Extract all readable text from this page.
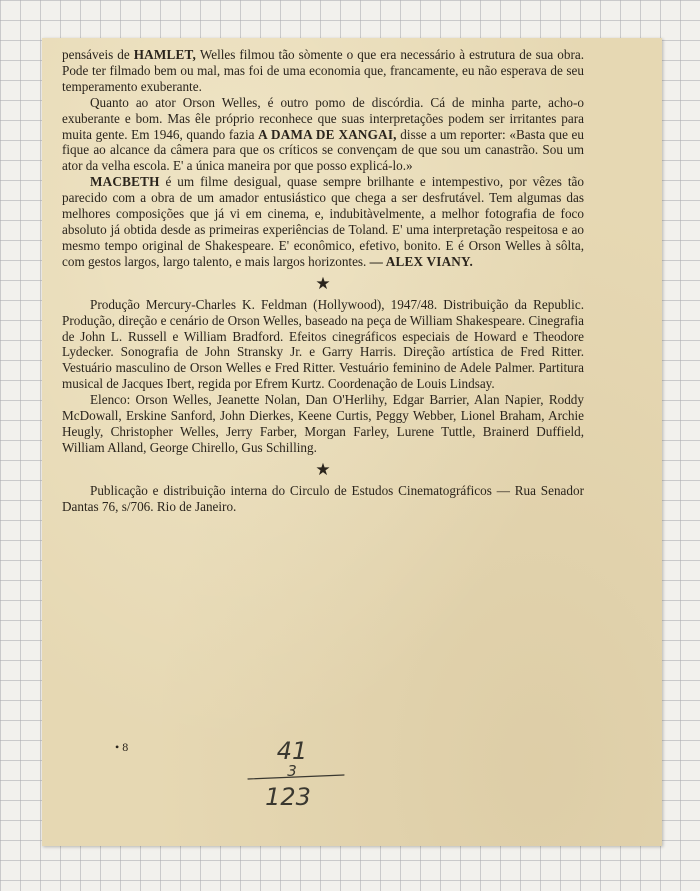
pensáveis de HAMLET, Welles filmou tão sòmente o que era necessário à estrutura de sua obra. Pode ter filmado bem ou mal, mas foi de uma economia que, francamente, eu não esperava de seu temperamento exuberante.

Quanto ao ator Orson Welles, é outro pomo de discórdia. Cá de minha parte, acho-o exuberante e bom. Mas êle próprio reconhece que suas interpretações podem ser irritantes para muita gente. Em 1946, quando fazia A DAMA DE XANGAI, disse a um reporter: «Basta que eu fique ao alcance da câmera para que os críticos se convençam de que sou um canastrão. Sou um ator da velha escola. E' a única maneira por que posso explicá-lo.»

MACBETH é um filme desigual, quase sempre brilhante e intempestivo, por vêzes tão parecido com a obra de um amador entusiástico que chega a ser desfrutável. Tem algumas das melhores composições que já vi em cinema, e, indubitàvelmente, a melhor fotografia de foco absoluto já obtida desde as primeiras experiências de Toland. E' uma interpretação respeitosa e ao mesmo tempo original de Shakespeare. E' econômico, efetivo, bonito. E é Orson Welles à sôlta, com gestos largos, largo talento, e mais largos horizontes. — ALEX VIANY.

★

Produção Mercury-Charles K. Feldman (Hollywood), 1947/48. Distribuição da Republic. Produção, direção e cenário de Orson Welles, baseado na peça de William Shakespeare. Cinegrafia de John L. Russell e William Bradford. Efeitos cinegráficos especiais de Howard e Theodore Lydecker. Sonografia de John Stransky Jr. e Garry Harris. Direção artística de Fred Ritter. Vestuário masculino de Orson Welles e Fred Ritter. Vestuário feminino de Adele Palmer. Partitura musical de Jacques Ibert, regida por Efrem Kurtz. Coordenação de Louis Lindsay.

Elenco: Orson Welles, Jeanette Nolan, Dan O'Herlihy, Edgar Barrier, Alan Napier, Roddy McDowall, Erskine Sanford, John Dierkes, Keene Curtis, Peggy Webber, Lionel Braham, Archie Heugly, Christopher Welles, Jerry Farber, Morgan Farley, Lurene Tuttle, Brainerd Duffield, William Alland, George Chirello, Gus Schilling.

★

Publicação e distribuição interna do Circulo de Estudos Cinematográficos — Rua Senador Dantas 76, s/706. Rio de Janeiro.

• 8	41
3
123
